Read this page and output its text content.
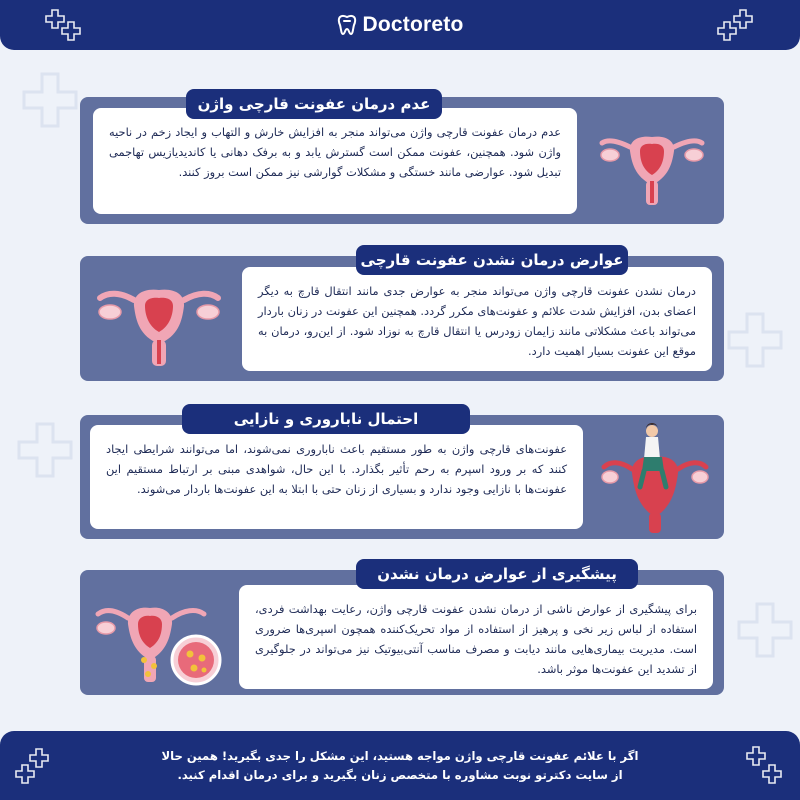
Doctoreto
عدم درمان عفونت قارچی واژن می‌تواند منجر به افزایش خارش و التهاب و ایجاد زخم در ناحیه واژن شود. همچنین، عفونت ممکن است گسترش یابد و به برفک دهانی یا کاندیدیازیس تهاجمی تبدیل شود. عوارضی مانند خستگی و مشکلات گوارشی نیز ممکن است بروز کنند.
عدم درمان عفونت قارچی واژن
درمان نشدن عفونت قارچی واژن می‌تواند منجر به عوارض جدی مانند انتقال قارچ به دیگر اعضای بدن، افزایش شدت علائم و عفونت‌های مکرر گردد. همچنین این عفونت در زنان باردار می‌تواند باعث مشکلاتی مانند زایمان زودرس یا انتقال قارچ به نوزاد شود. از این‌رو، درمان به موقع این عفونت بسیار اهمیت دارد.
عوارض درمان نشدن عفونت قارچی
عفونت‌های قارچی واژن به طور مستقیم باعث ناباروری نمی‌شوند، اما می‌توانند شرایطی ایجاد کنند که بر ورود اسپرم به رحم تأثیر بگذارد. با این حال، شواهدی مبنی بر ارتباط مستقیم این عفونت‌ها با نازایی وجود ندارد و بسیاری از زنان حتی با ابتلا به این عفونت‌ها باردار می‌شوند.
احتمال ناباروری و نازایی
برای پیشگیری از عوارض ناشی از درمان نشدن عفونت قارچی واژن، رعایت بهداشت فردی، استفاده از لباس زیر نخی و پرهیز از استفاده از مواد تحریک‌کننده همچون اسپری‌ها ضروری است. مدیریت بیماری‌هایی مانند دیابت و مصرف مناسب آنتی‌بیوتیک نیز می‌تواند در جلوگیری از تشدید این عفونت‌ها موثر باشد.
پیشگیری از عوارض درمان نشدن
اگر با علائم عفونت قارچی واژن مواجه هستید، این مشکل را جدی بگیرید! همین حالا
از سایت دکترتو نوبت مشاوره با متخصص زنان بگیرید و برای درمان اقدام کنید.
